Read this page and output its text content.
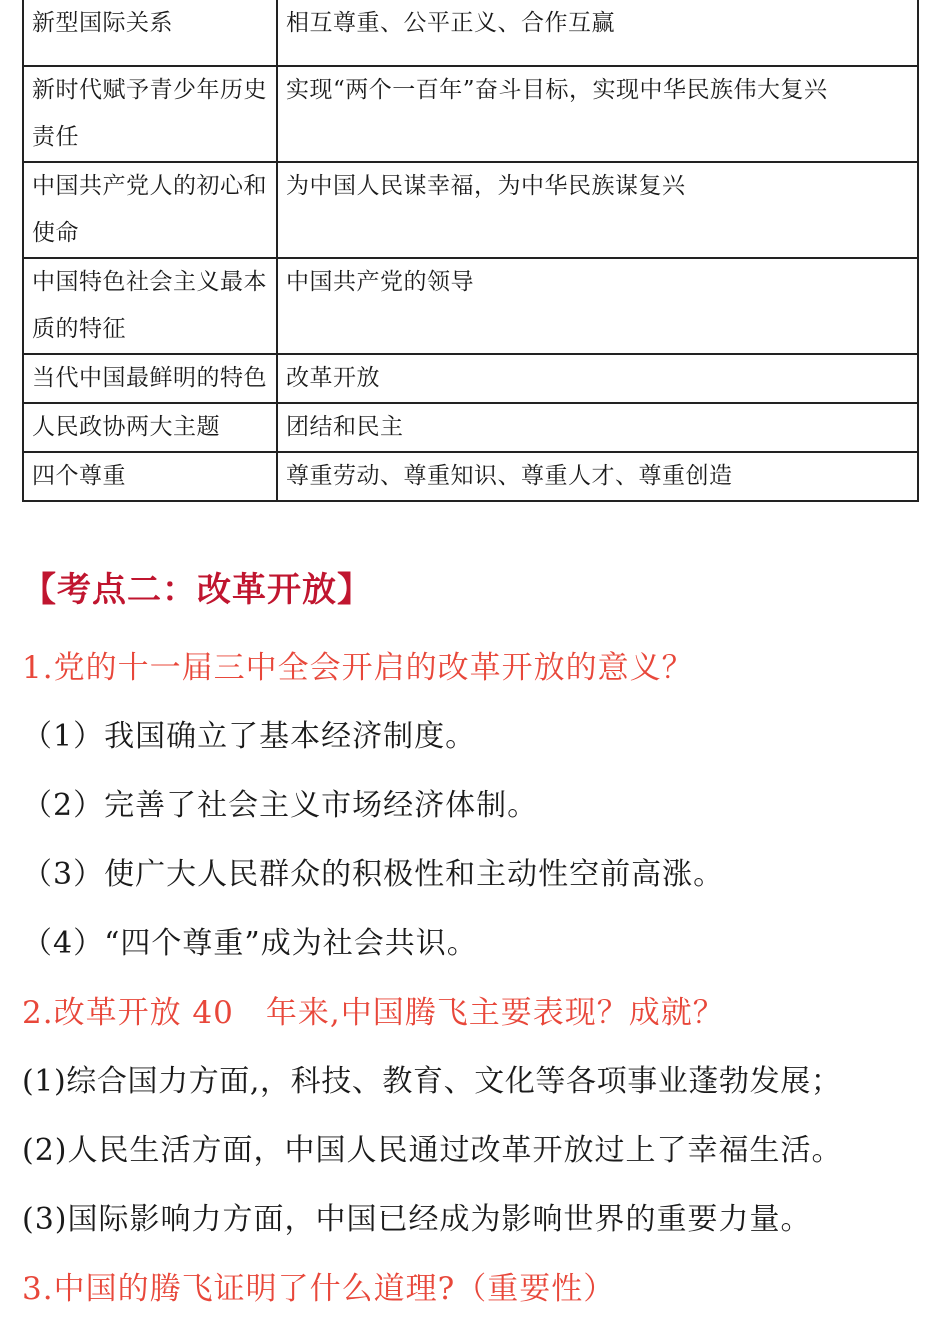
新型国际关系	相互尊重、公平正义、合作互赢
新时代赋予青少年历史责任	实现“两个一百年”奋斗目标，实现中华民族伟大复兴
中国共产党人的初心和使命	为中国人民谋幸福，为中华民族谋复兴
中国特色社会主义最本质的特征	中国共产党的领导
当代中国最鲜明的特色	改革开放
人民政协两大主题	团结和民主
四个尊重	尊重劳动、尊重知识、尊重人才、尊重创造
【考点二：改革开放】
1.党的十一届三中全会开启的改革开放的意义？
（1）我国确立了基本经济制度。
（2）完善了社会主义市场经济体制。
（3）使广大人民群众的积极性和主动性空前高涨。
（4）“四个尊重”成为社会共识。
2.改革开放 40　年来,中国腾飞主要表现？成就？
(1)综合国力方面,，科技、教育、文化等各项事业蓬勃发展；
(2)人民生活方面，中国人民通过改革开放过上了幸福生活。
(3)国际影响力方面，中国已经成为影响世界的重要力量。
3.中国的腾飞证明了什么道理?（重要性）
